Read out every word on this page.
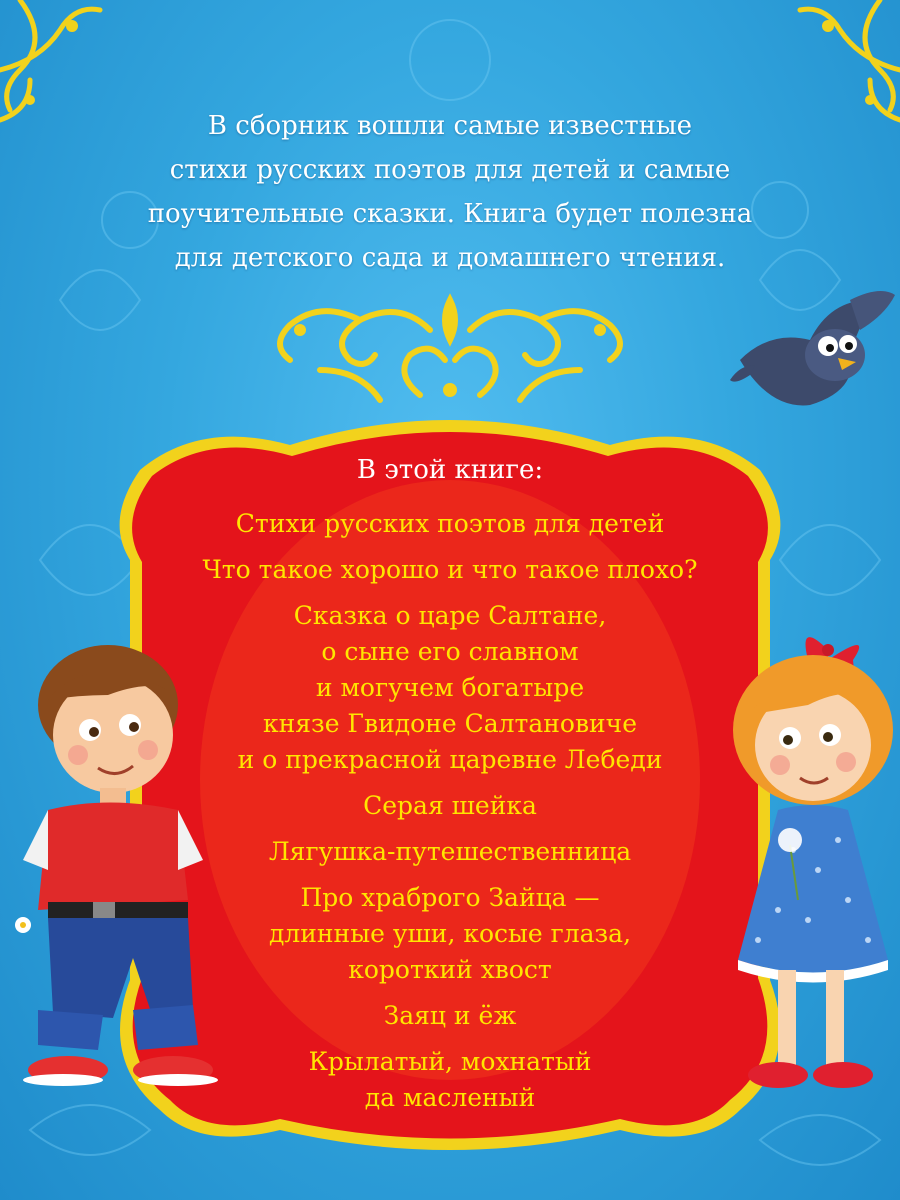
В сборник вошли самые известные
стихи русских поэтов для детей и самые
поучительные сказки. Книга будет полезна
для детского сада и домашнего чтения.
В этой книге:
Стихи русских поэтов для детей
Что такое хорошо и что такое плохо?
Сказка о царе Салтане,
о сыне его славном
и могучем богатыре
князе Гвидоне Салтановиче
и о прекрасной царевне Лебеди
Серая шейка
Лягушка-путешественница
Про храброго Зайца —
длинные уши, косые глаза,
короткий хвост
Заяц и ёж
Крылатый, мохнатый
да масленый
